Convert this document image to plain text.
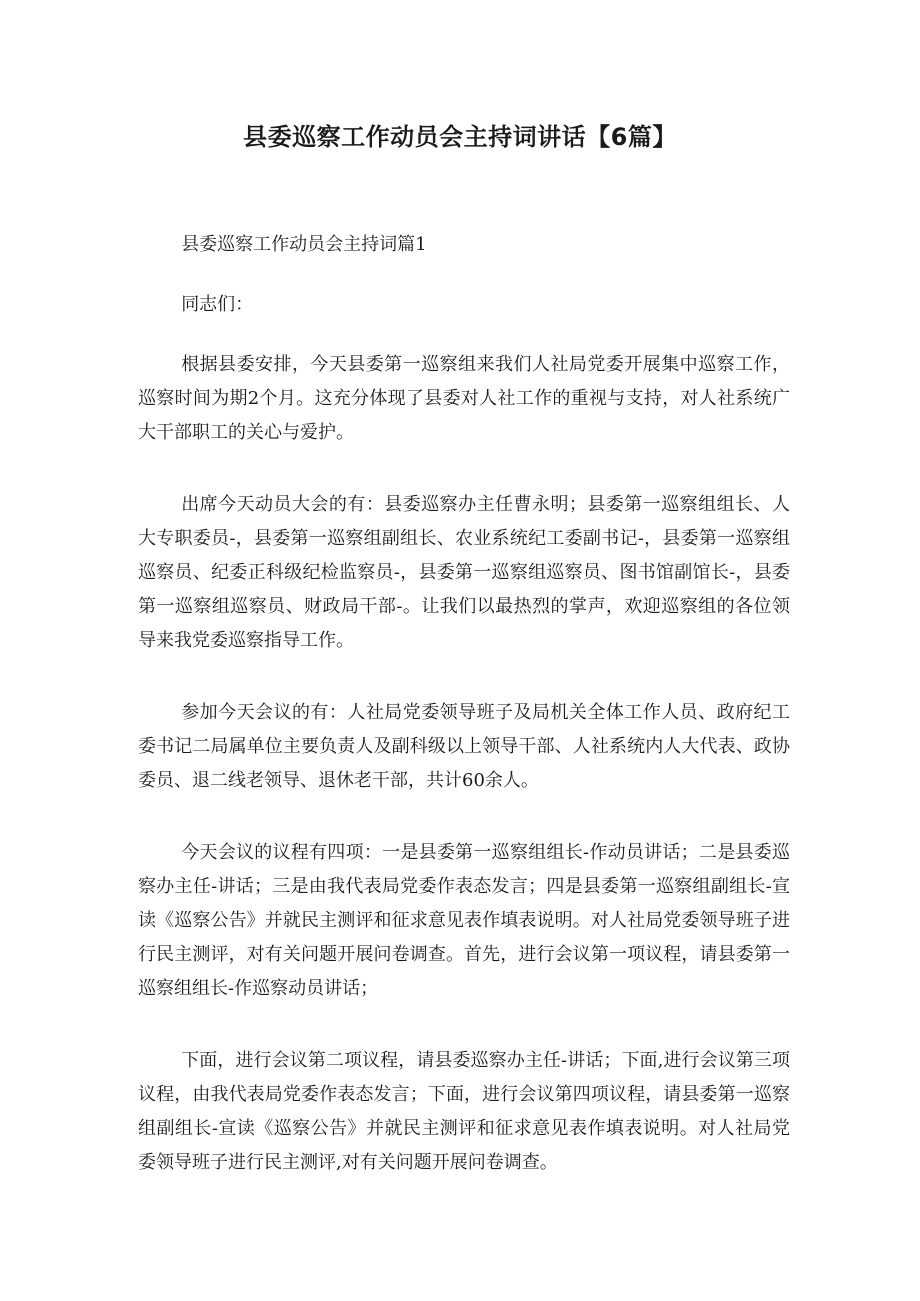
县委巡察工作动员会主持词讲话【6篇】

县委巡察工作动员会主持词篇1

同志们：

根据县委安排，今天县委第一巡察组来我们人社局党委开展集中巡察工作，巡察时间为期2个月。这充分体现了县委对人社工作的重视与支持，对人社系统广大干部职工的关心与爱护。

出席今天动员大会的有：县委巡察办主任曹永明；县委第一巡察组组长、人大专职委员-，县委第一巡察组副组长、农业系统纪工委副书记-，县委第一巡察组巡察员、纪委正科级纪检监察员-，县委第一巡察组巡察员、图书馆副馆长-，县委第一巡察组巡察员、财政局干部-。让我们以最热烈的掌声，欢迎巡察组的各位领导来我党委巡察指导工作。

参加今天会议的有：人社局党委领导班子及局机关全体工作人员、政府纪工委书记二局属单位主要负责人及副科级以上领导干部、人社系统内人大代表、政协委员、退二线老领导、退休老干部，共计60余人。

今天会议的议程有四项：一是县委第一巡察组组长-作动员讲话；二是县委巡察办主任-讲话；三是由我代表局党委作表态发言；四是县委第一巡察组副组长-宣读《巡察公告》并就民主测评和征求意见表作填表说明。对人社局党委领导班子进行民主测评，对有关问题开展问卷调查。首先，进行会议第一项议程，请县委第一巡察组组长-作巡察动员讲话；

下面，进行会议第二项议程，请县委巡察办主任-讲话；下面,进行会议第三项议程，由我代表局党委作表态发言；下面，进行会议第四项议程，请县委第一巡察组副组长-宣读《巡察公告》并就民主测评和征求意见表作填表说明。对人社局党委领导班子进行民主测评,对有关问题开展问卷调查。
